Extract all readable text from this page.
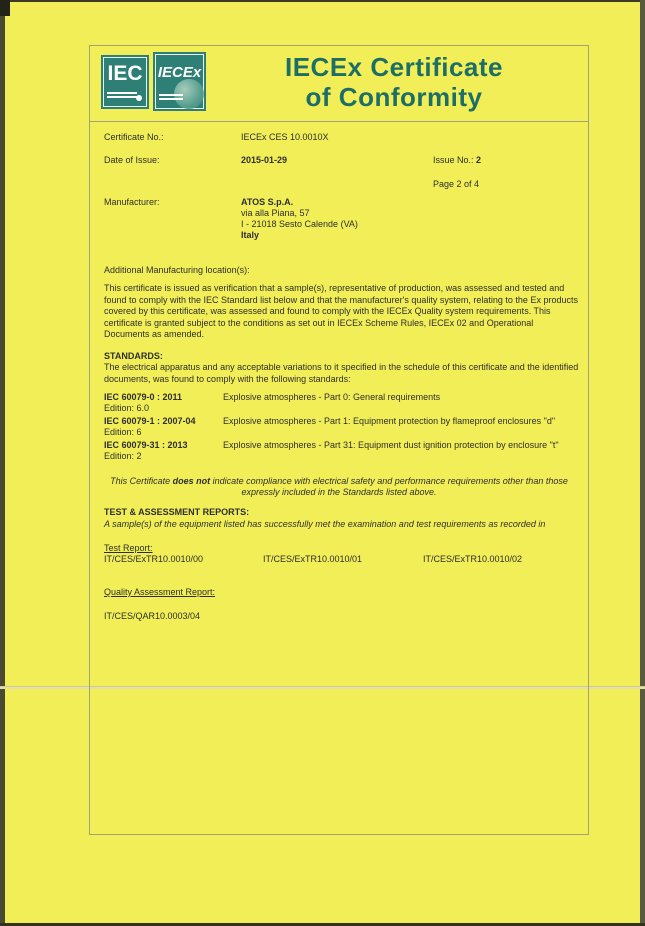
IEC	IECEx	IECEx Certificate
of Conformity
Certificate No.:	IECEx CES 10.0010X
Date of Issue:	2015-01-29	Issue No.: 2
Page 2 of 4
Manufacturer:	ATOS S.p.A.
via alla Piana, 57
I - 21018 Sesto Calende (VA)
Italy
Additional Manufacturing location(s):
This certificate is issued as verification that a sample(s), representative of production, was assessed and tested and found to comply with the IEC Standard list below and that the manufacturer's quality system, relating to the Ex products covered by this certificate, was assessed and found to comply with the IECEx Quality system requirements. This certificate is granted subject to the conditions as set out in IECEx Scheme Rules, IECEx 02 and Operational Documents as amended.
STANDARDS:
The electrical apparatus and any acceptable variations to it specified in the schedule of this certificate and the identified documents, was found to comply with the following standards:
IEC 60079-0 : 2011
Edition: 6.0
Explosive atmospheres - Part 0: General requirements
IEC 60079-1 : 2007-04
Edition: 6
Explosive atmospheres - Part 1: Equipment protection by flameproof enclosures "d"
IEC 60079-31 : 2013
Edition: 2
Explosive atmospheres - Part 31: Equipment dust ignition protection by enclosure "t"
This Certificate does not indicate compliance with electrical safety and performance requirements other than those expressly included in the Standards listed above.
TEST & ASSESSMENT REPORTS:
A sample(s) of the equipment listed has successfully met the examination and test requirements as recorded in
Test Report:
IT/CES/ExTR10.0010/00	IT/CES/ExTR10.0010/01	IT/CES/ExTR10.0010/02
Quality Assessment Report:
IT/CES/QAR10.0003/04
